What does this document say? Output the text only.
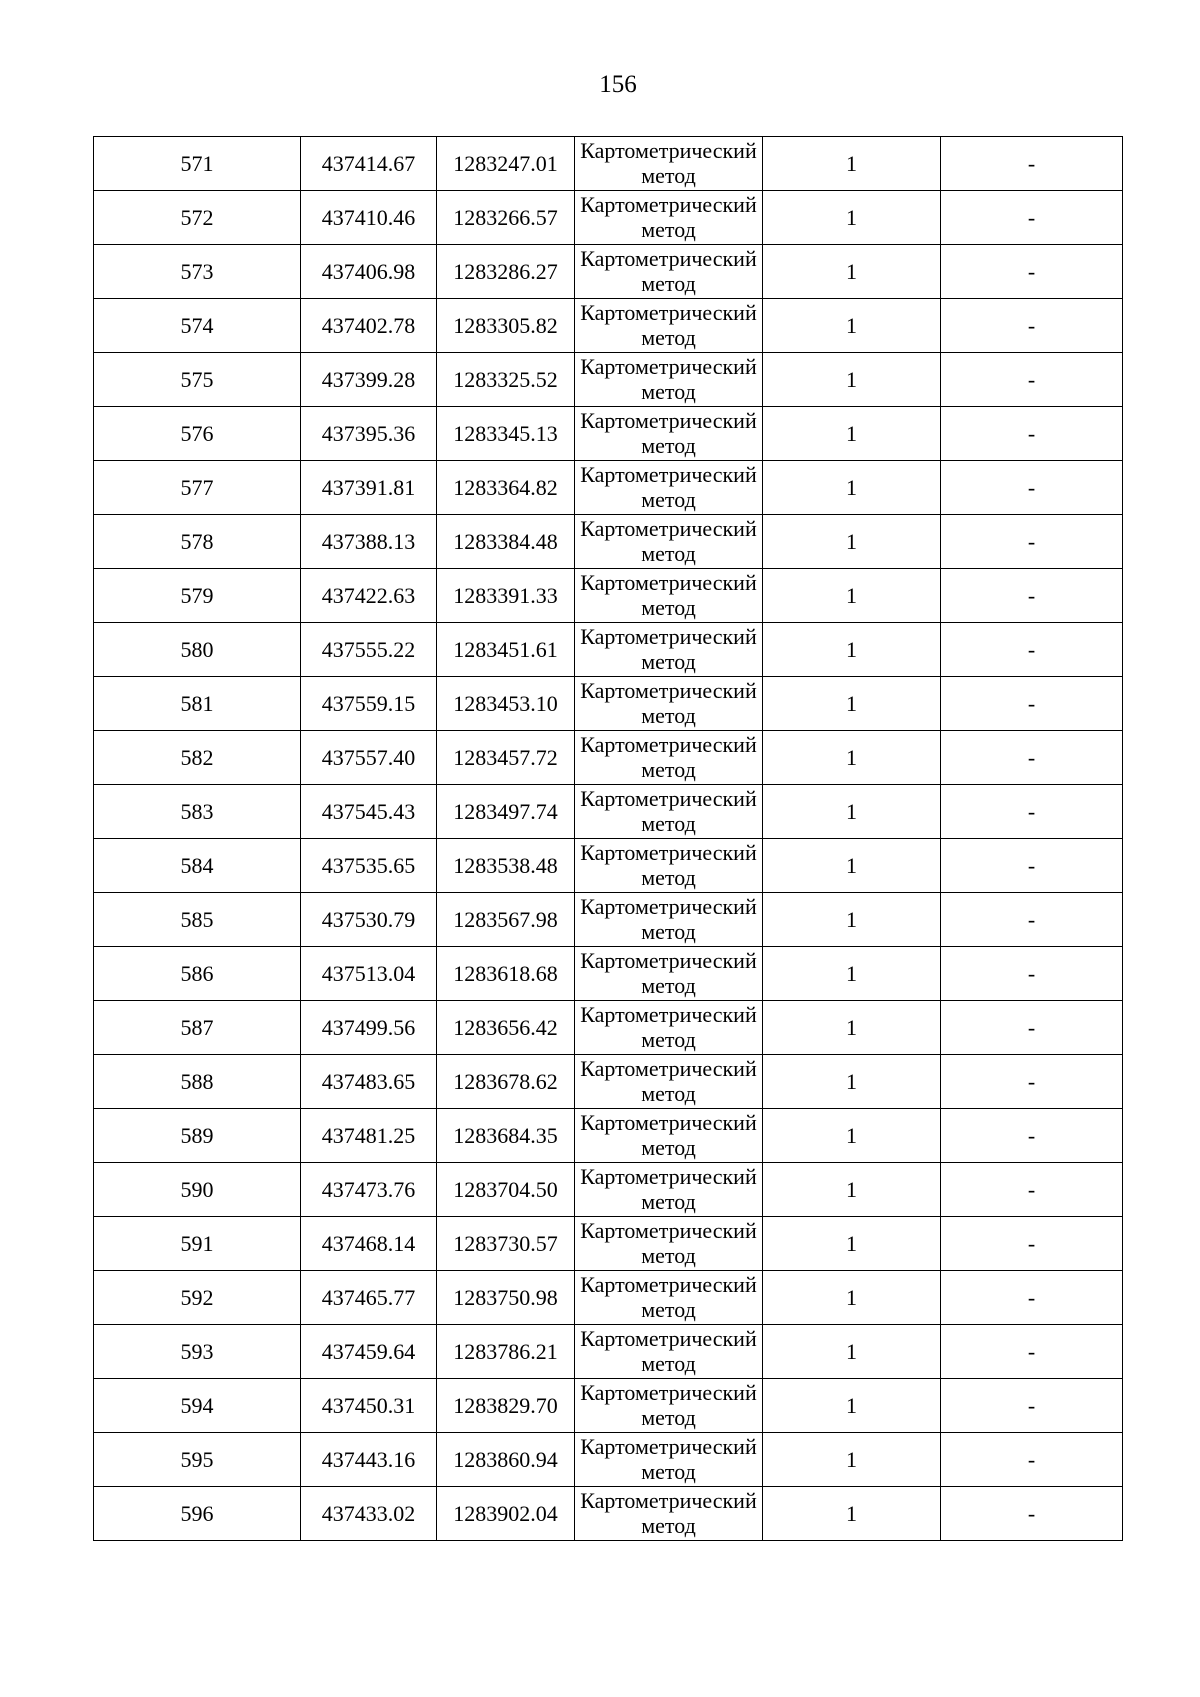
156
571	437414.67	1283247.01	Картометрический метод	1	-
572	437410.46	1283266.57	Картометрический метод	1	-
573	437406.98	1283286.27	Картометрический метод	1	-
574	437402.78	1283305.82	Картометрический метод	1	-
575	437399.28	1283325.52	Картометрический метод	1	-
576	437395.36	1283345.13	Картометрический метод	1	-
577	437391.81	1283364.82	Картометрический метод	1	-
578	437388.13	1283384.48	Картометрический метод	1	-
579	437422.63	1283391.33	Картометрический метод	1	-
580	437555.22	1283451.61	Картометрический метод	1	-
581	437559.15	1283453.10	Картометрический метод	1	-
582	437557.40	1283457.72	Картометрический метод	1	-
583	437545.43	1283497.74	Картометрический метод	1	-
584	437535.65	1283538.48	Картометрический метод	1	-
585	437530.79	1283567.98	Картометрический метод	1	-
586	437513.04	1283618.68	Картометрический метод	1	-
587	437499.56	1283656.42	Картометрический метод	1	-
588	437483.65	1283678.62	Картометрический метод	1	-
589	437481.25	1283684.35	Картометрический метод	1	-
590	437473.76	1283704.50	Картометрический метод	1	-
591	437468.14	1283730.57	Картометрический метод	1	-
592	437465.77	1283750.98	Картометрический метод	1	-
593	437459.64	1283786.21	Картометрический метод	1	-
594	437450.31	1283829.70	Картометрический метод	1	-
595	437443.16	1283860.94	Картометрический метод	1	-
596	437433.02	1283902.04	Картометрический метод	1	-
